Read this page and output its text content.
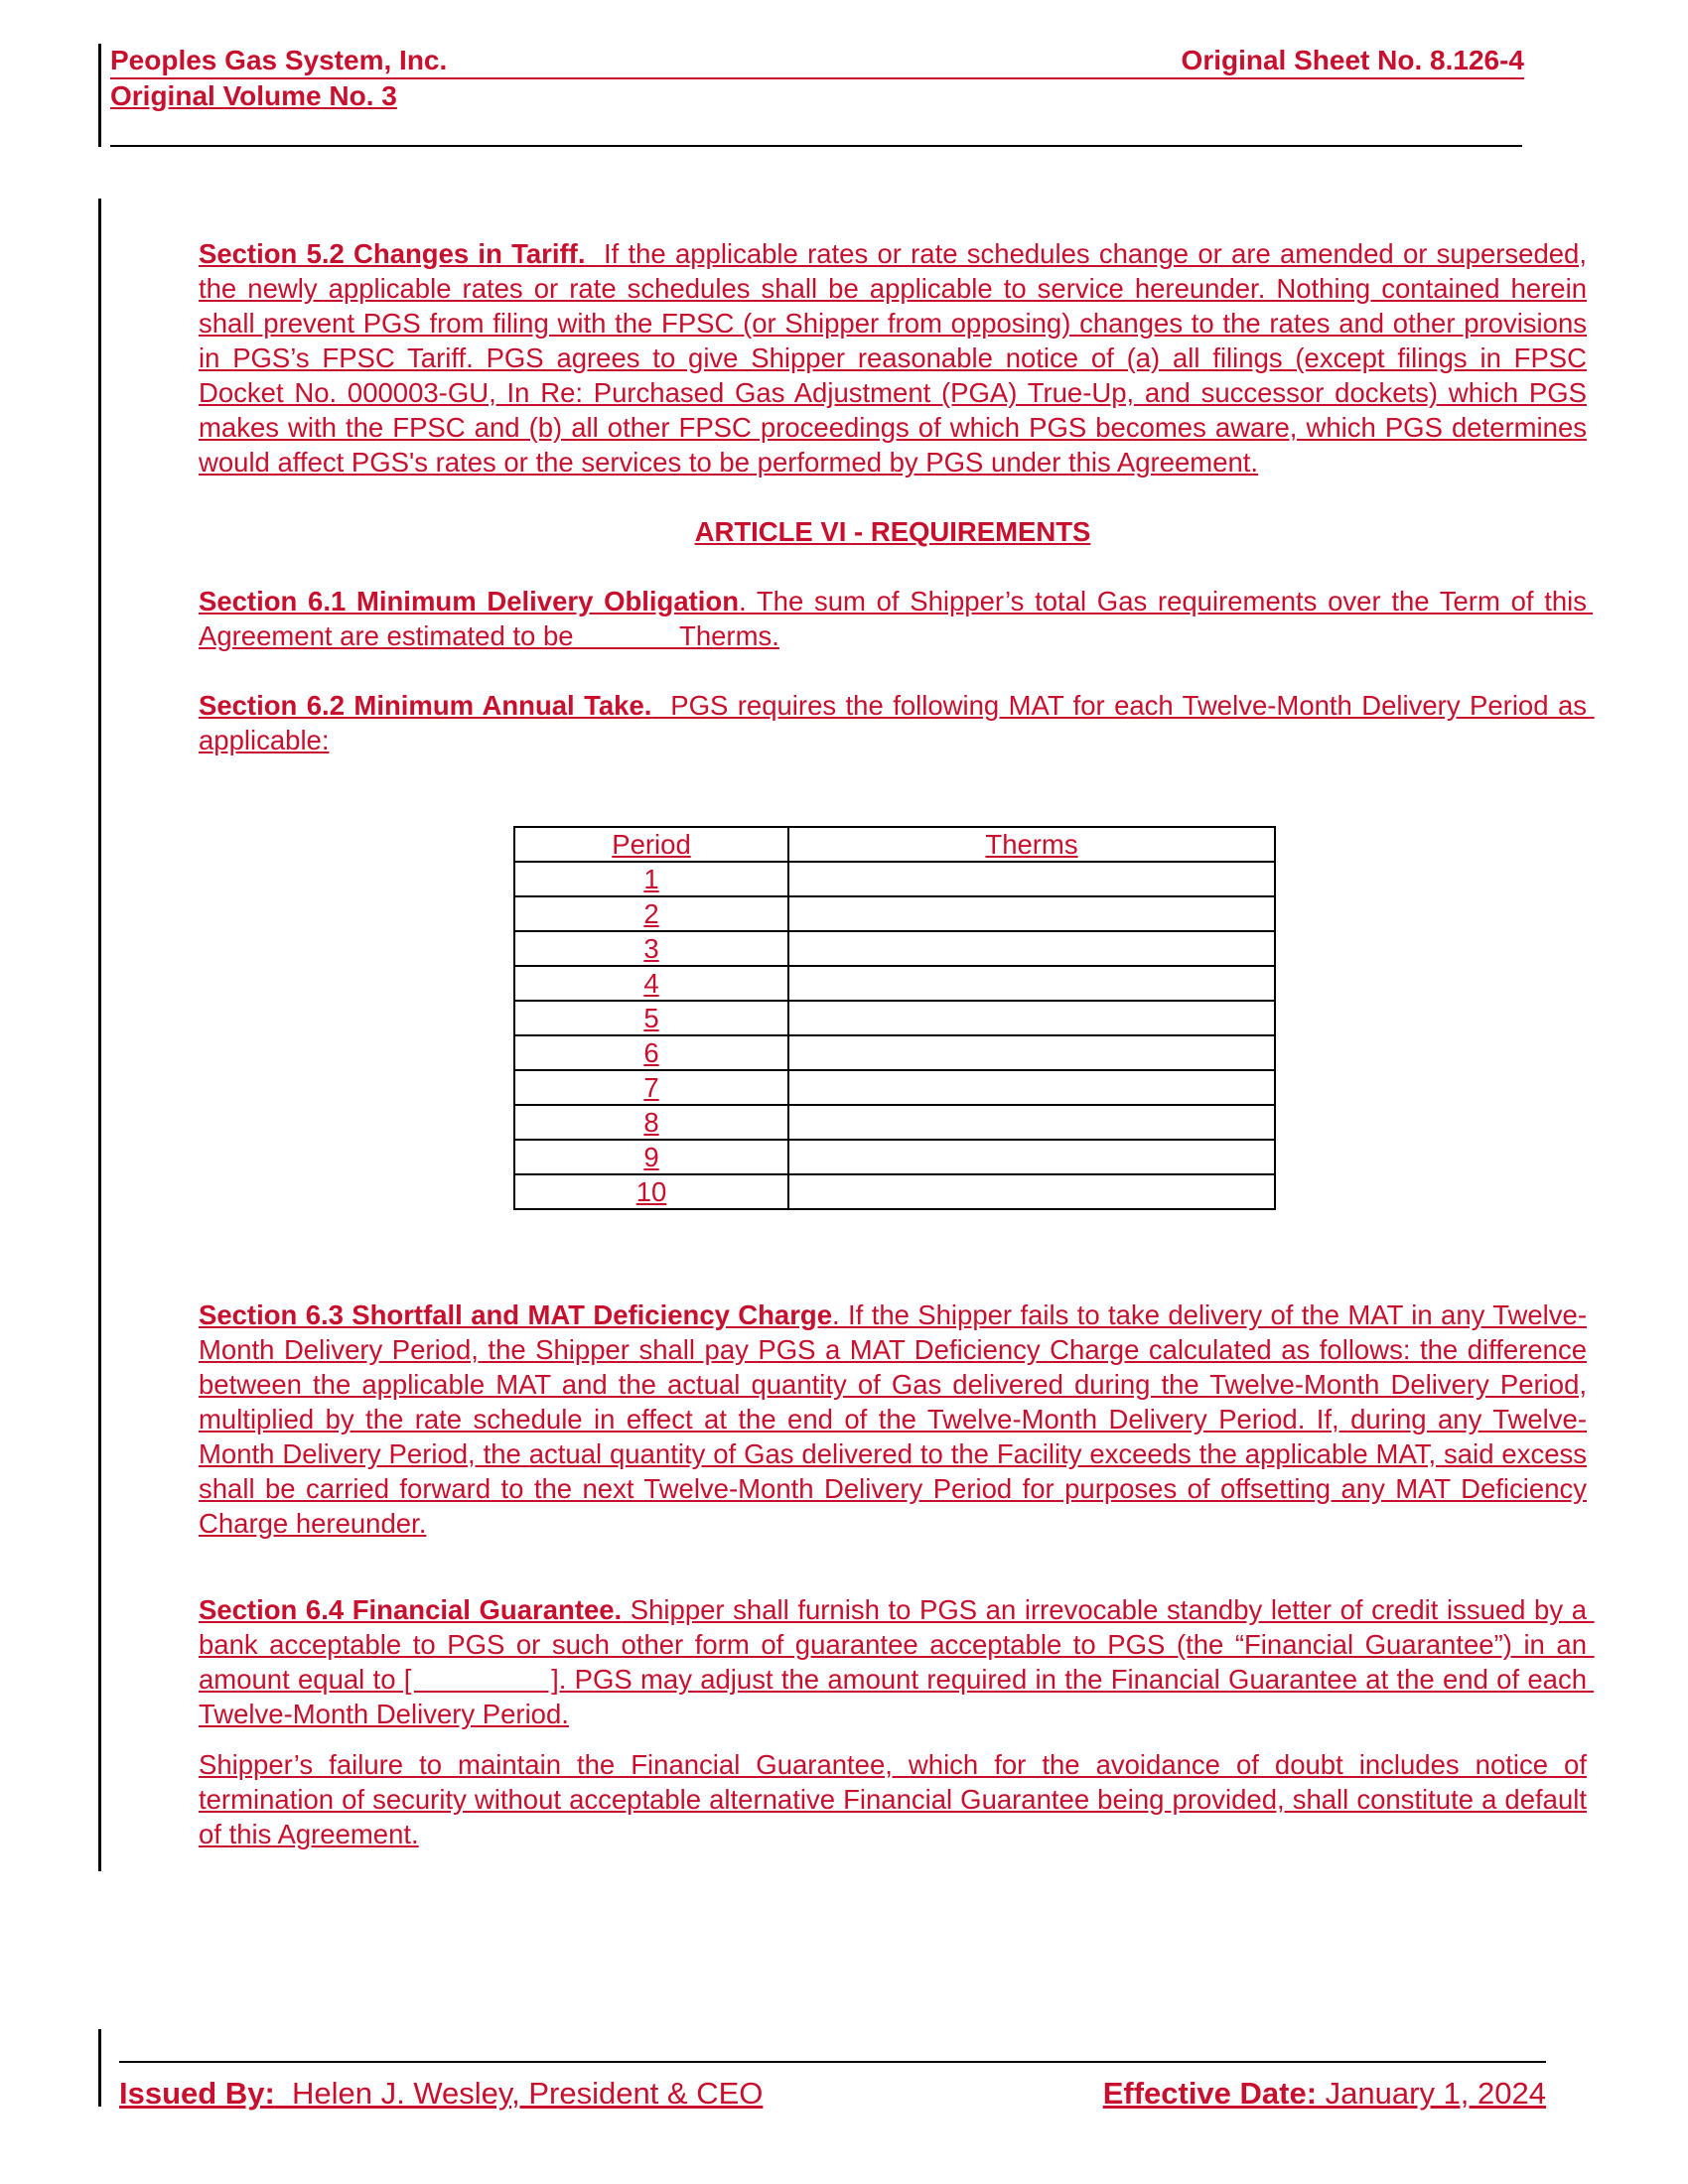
Peoples Gas System, Inc.	Original Sheet No. 8.126-4
Original Volume No. 3

Section 5.2 Changes in Tariff. If the applicable rates or rate schedules change or are amended or superseded, the newly applicable rates or rate schedules shall be applicable to service hereunder. Nothing contained herein shall prevent PGS from filing with the FPSC (or Shipper from opposing) changes to the rates and other provisions in PGS’s FPSC Tariff. PGS agrees to give Shipper reasonable notice of (a) all filings (except filings in FPSC Docket No. 000003-GU, In Re: Purchased Gas Adjustment (PGA) True-Up, and successor dockets) which PGS makes with the FPSC and (b) all other FPSC proceedings of which PGS becomes aware, which PGS determines would affect PGS's rates or the services to be performed by PGS under this Agreement.

ARTICLE VI - REQUIREMENTS

Section 6.1 Minimum Delivery Obligation. The sum of Shipper’s total Gas requirements over the Term of this Agreement are estimated to be              Therms.

Section 6.2 Minimum Annual Take.  PGS requires the following MAT for each Twelve-Month Delivery Period as applicable:

Period	Therms
1	
2	
3	
4	
5	
6	
7	
8	
9	
10	

Section 6.3 Shortfall and MAT Deficiency Charge. If the Shipper fails to take delivery of the MAT in any Twelve-Month Delivery Period, the Shipper shall pay PGS a MAT Deficiency Charge calculated as follows: the difference between the applicable MAT and the actual quantity of Gas delivered during the Twelve-Month Delivery Period, multiplied by the rate schedule in effect at the end of the Twelve-Month Delivery Period. If, during any Twelve-Month Delivery Period, the actual quantity of Gas delivered to the Facility exceeds the applicable MAT, said excess shall be carried forward to the next Twelve-Month Delivery Period for purposes of offsetting any MAT Deficiency Charge hereunder.

Section 6.4 Financial Guarantee. Shipper shall furnish to PGS an irrevocable standby letter of credit issued by a bank acceptable to PGS or such other form of guarantee acceptable to PGS (the “Financial Guarantee”) in an amount equal to [                 ]. PGS may adjust the amount required in the Financial Guarantee at the end of each Twelve-Month Delivery Period.

Shipper’s failure to maintain the Financial Guarantee, which for the avoidance of doubt includes notice of termination of security without acceptable alternative Financial Guarantee being provided, shall constitute a default of this Agreement.

Issued By:  Helen J. Wesley, President & CEO	Effective Date: January 1, 2024
